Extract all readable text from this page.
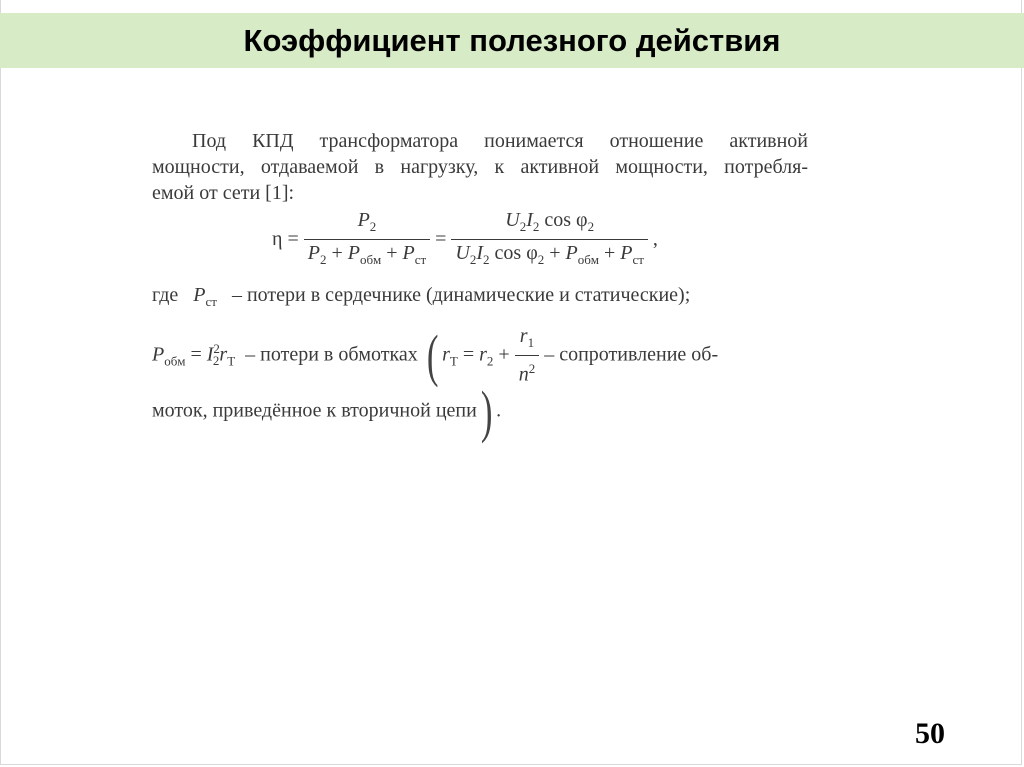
Коэффициент полезного действия
Под КПД трансформатора понимается отношение активной
мощности, отдаваемой в нагрузку, к активной мощности, потребля-
емой от сети [1]:
$\eta = \frac{P_2}{P_2 + P_{обм} + P_{ст}} = \frac{U_2I_2 \cos \varphi_2}{U_2I_2 \cos \varphi_2 + P_{обм} + P_{ст}}$ ,
где $P_{ст}$ – потери в сердечнике (динамические и статические);
$P_{обм} = I^2_2r_T$ – потери в обмотках ( $r_T = r_2 + \frac{r_1}{n^2}$ – сопротивление об-
моток, приведённое к вторичной цепи) .
50
